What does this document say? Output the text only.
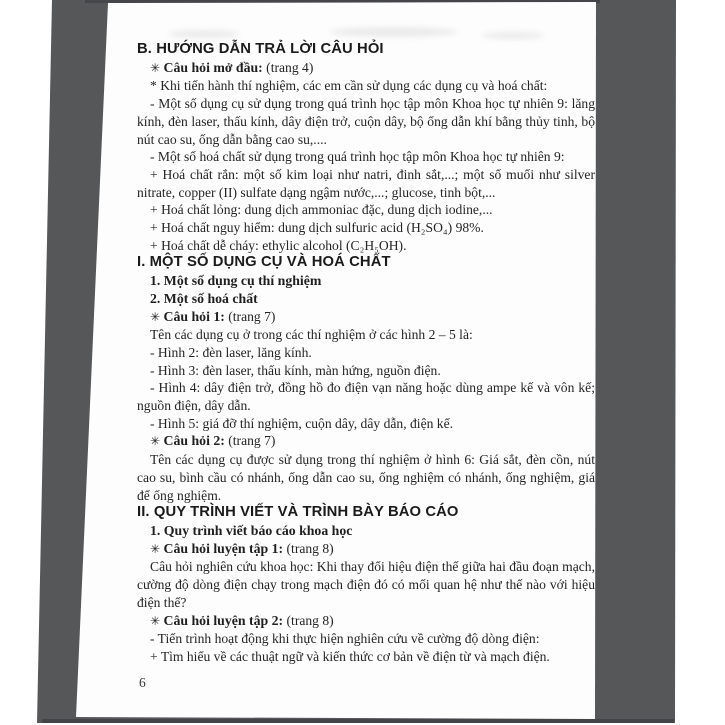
B. HƯỚNG DẪN TRẢ LỜI CÂU HỎI

✳ Câu hỏi mở đầu: (trang 4)

* Khi tiến hành thí nghiệm, các em cần sử dụng các dụng cụ và hoá chất:

- Một số dụng cụ sử dụng trong quá trình học tập môn Khoa học tự nhiên 9: lăng kính, đèn laser, thấu kính, dây điện trở, cuộn dây, bộ ống dẫn khí bằng thủy tinh, bộ nút cao su, ống dẫn bằng cao su,....

- Một số hoá chất sử dụng trong quá trình học tập môn Khoa học tự nhiên 9:

+ Hoá chất rắn: một số kim loại như natri, đinh sắt,...; một số muối như silver nitrate, copper (II) sulfate dạng ngậm nước,...; glucose, tinh bột,...

+ Hoá chất lỏng: dung dịch ammoniac đặc, dung dịch iodine,...

+ Hoá chất nguy hiểm: dung dịch sulfuric acid (H₂SO₄) 98%.

+ Hoá chất dễ cháy: ethylic alcohol (C₂H₅OH).

I. MỘT SỐ DỤNG CỤ VÀ HOÁ CHẤT

1. Một số dụng cụ thí nghiệm

2. Một số hoá chất

✳ Câu hỏi 1: (trang 7)

Tên các dụng cụ ở trong các thí nghiệm ở các hình 2 – 5 là:

- Hình 2: đèn laser, lăng kính.

- Hình 3: đèn laser, thấu kính, màn hứng, nguồn điện.

- Hình 4: dây điện trở, đồng hồ đo điện vạn năng hoặc dùng ampe kế và vôn kế; nguồn điện, dây dẫn.

- Hình 5: giá đỡ thí nghiệm, cuộn dây, dây dẫn, điện kế.

✳ Câu hỏi 2: (trang 7)

Tên các dụng cụ được sử dụng trong thí nghiệm ở hình 6: Giá sắt, đèn cồn, nút cao su, bình cầu có nhánh, ống dẫn cao su, ống nghiệm có nhánh, ống nghiệm, giá để ống nghiệm.

II. QUY TRÌNH VIẾT VÀ TRÌNH BÀY BÁO CÁO

1. Quy trình viết báo cáo khoa học

✳ Câu hỏi luyện tập 1: (trang 8)

Câu hỏi nghiên cứu khoa học: Khi thay đổi hiệu điện thế giữa hai đầu đoạn mạch, cường độ dòng điện chạy trong mạch điện đó có mối quan hệ như thế nào với hiệu điện thế?

✳ Câu hỏi luyện tập 2: (trang 8)

- Tiến trình hoạt động khi thực hiện nghiên cứu về cường độ dòng điện:

+ Tìm hiểu về các thuật ngữ và kiến thức cơ bản về điện từ và mạch điện.

6
